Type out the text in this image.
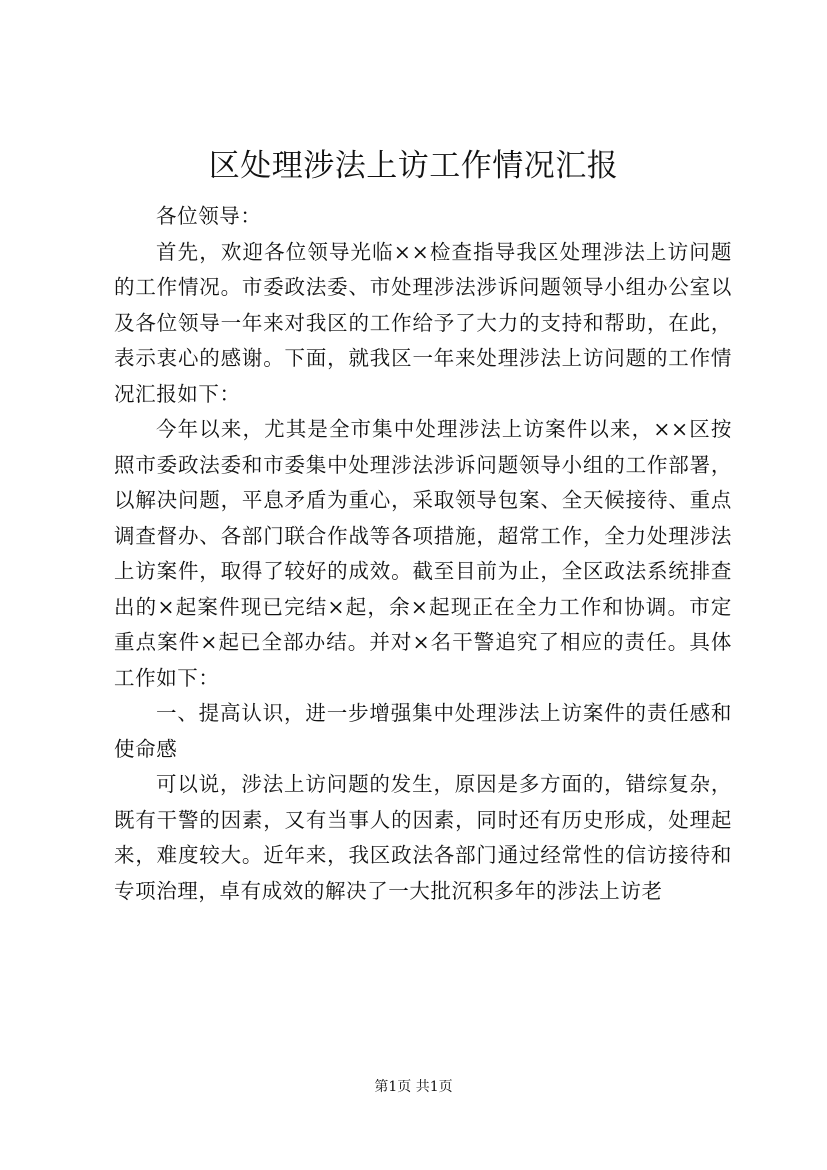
区处理涉法上访工作情况汇报

各位领导：

首先，欢迎各位领导光临××检查指导我区处理涉法上访问题的工作情况。市委政法委、市处理涉法涉诉问题领导小组办公室以及各位领导一年来对我区的工作给予了大力的支持和帮助，在此，表示衷心的感谢。下面，就我区一年来处理涉法上访问题的工作情况汇报如下：

今年以来，尤其是全市集中处理涉法上访案件以来，××区按照市委政法委和市委集中处理涉法涉诉问题领导小组的工作部署，以解决问题，平息矛盾为重心，采取领导包案、全天候接待、重点调查督办、各部门联合作战等各项措施，超常工作，全力处理涉法上访案件，取得了较好的成效。截至目前为止，全区政法系统排查出的×起案件现已完结×起，余×起现正在全力工作和协调。市定重点案件×起已全部办结。并对×名干警追究了相应的责任。具体工作如下：

一、提高认识，进一步增强集中处理涉法上访案件的责任感和使命感

可以说，涉法上访问题的发生，原因是多方面的，错综复杂，既有干警的因素，又有当事人的因素，同时还有历史形成，处理起来，难度较大。近年来，我区政法各部门通过经常性的信访接待和专项治理，卓有成效的解决了一大批沉积多年的涉法上访老

第1页 共1页
